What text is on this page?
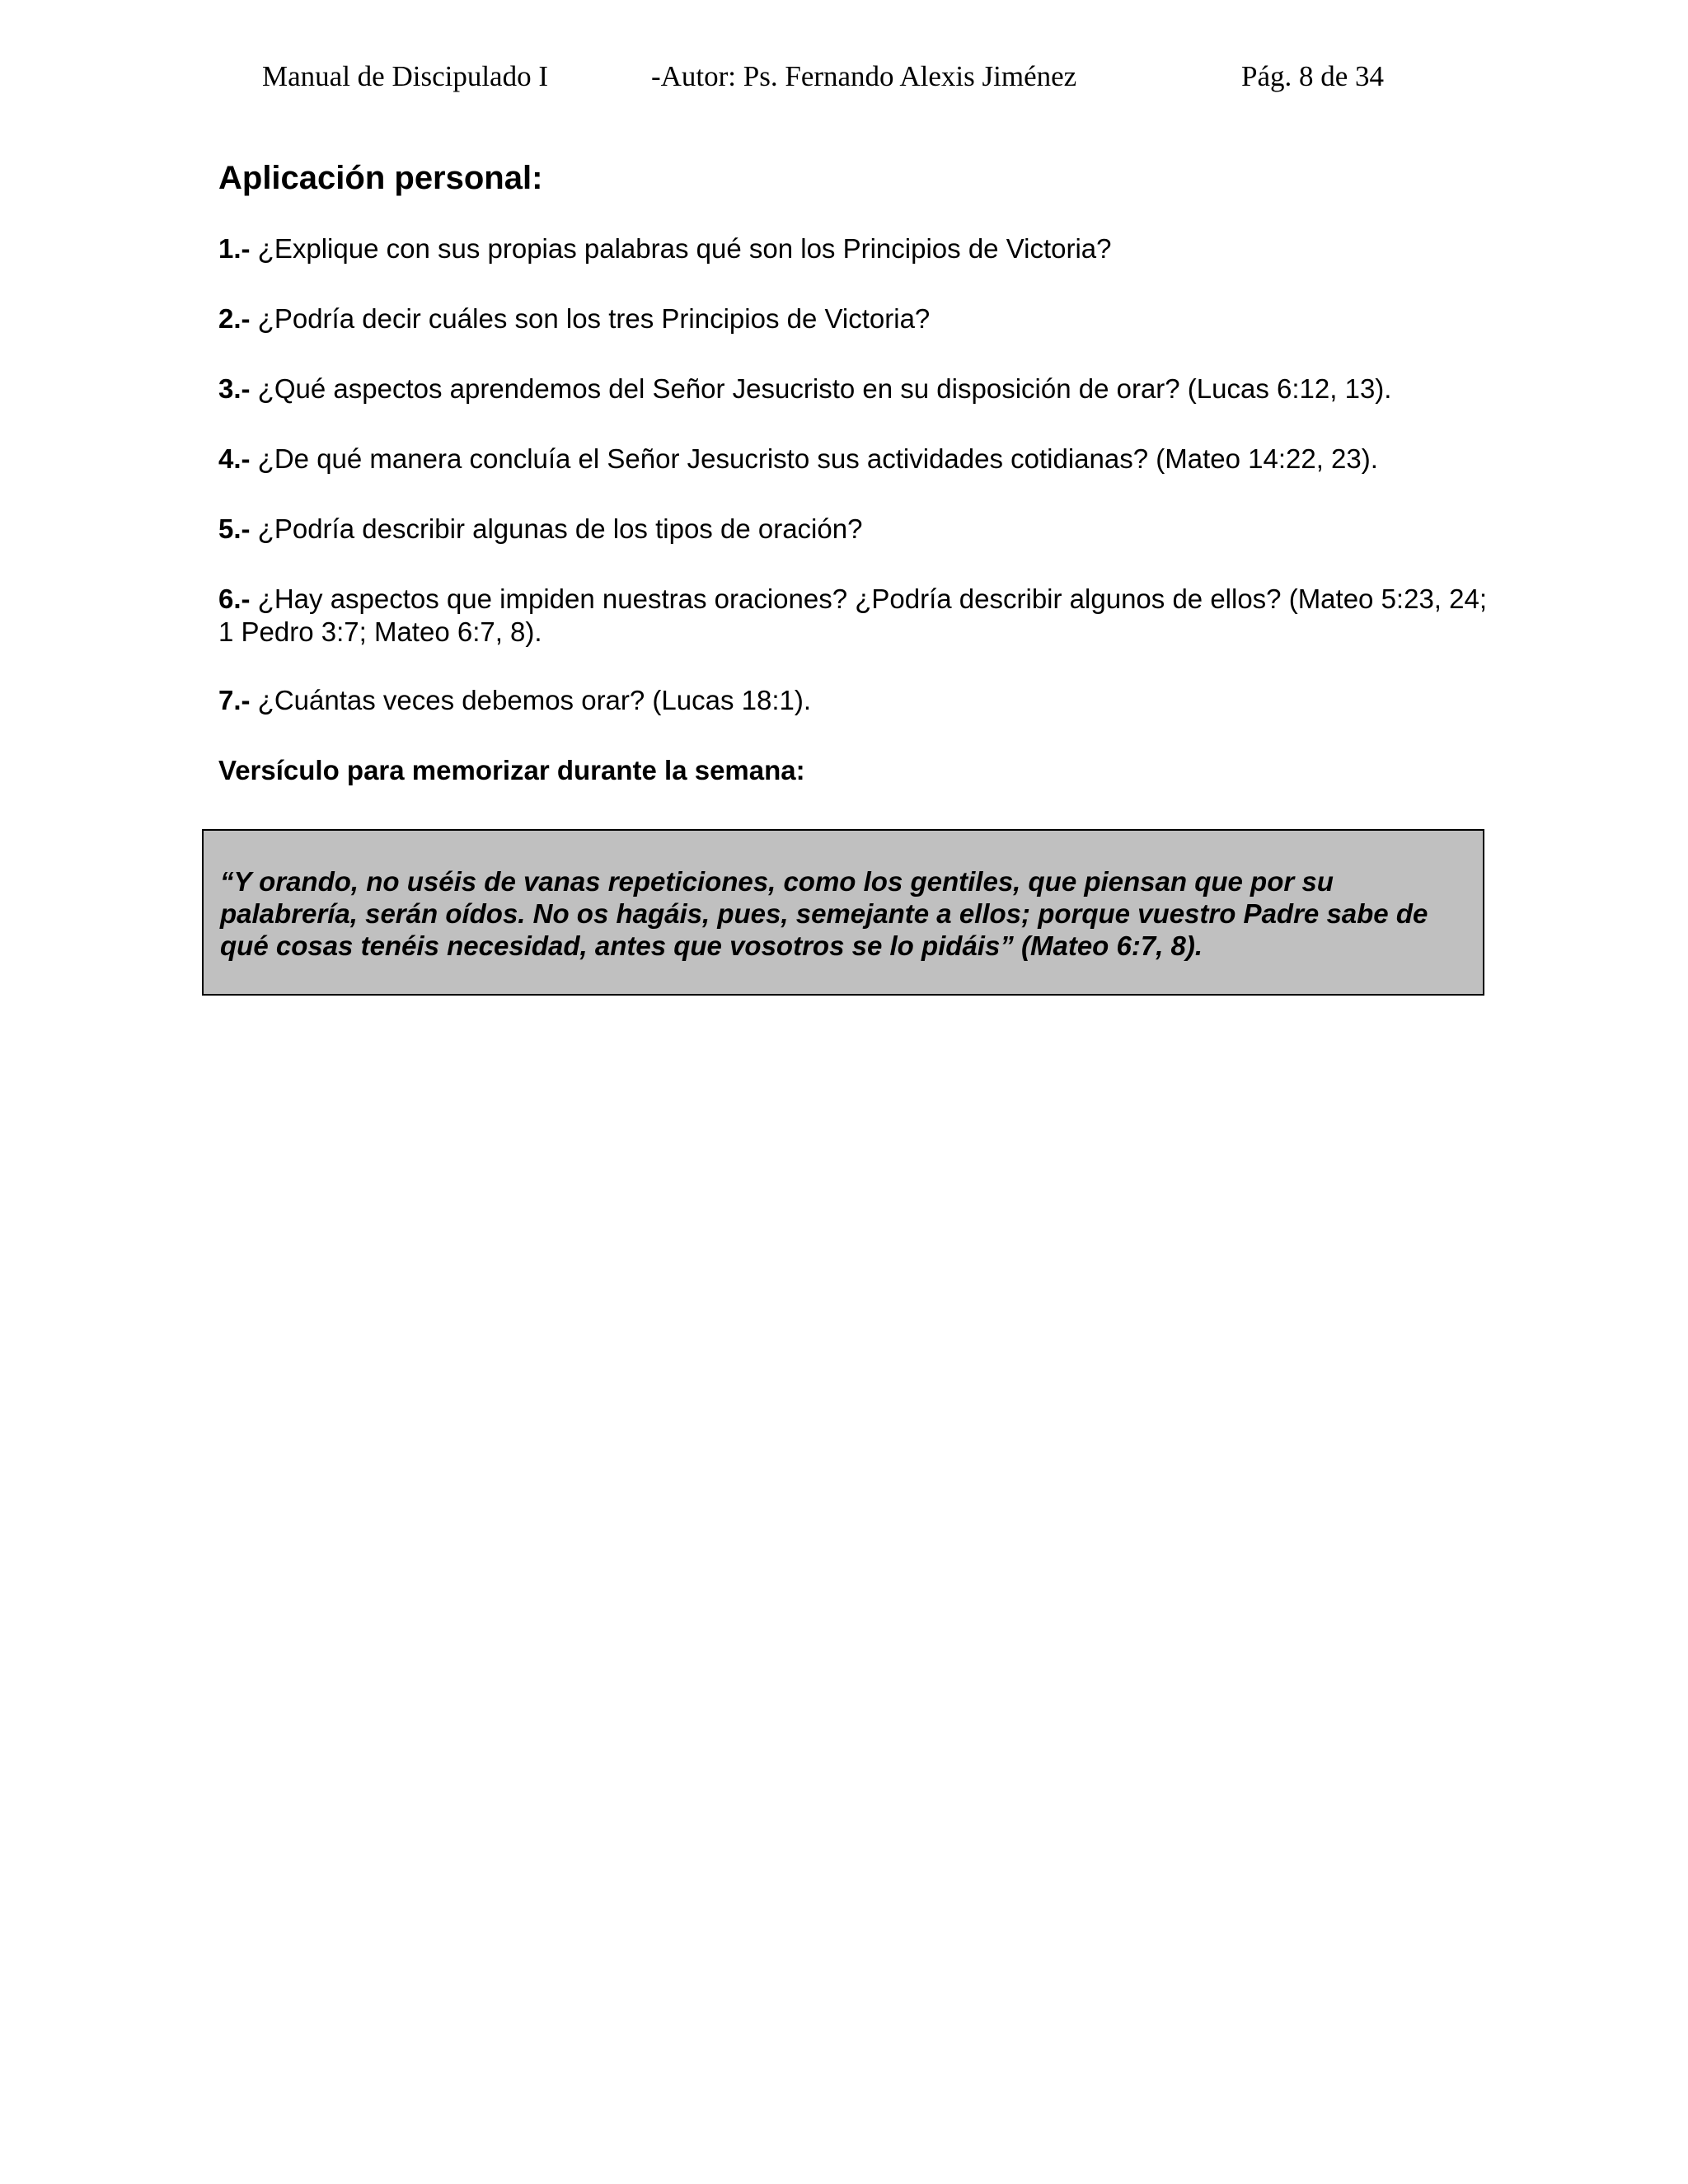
Manual de Discipulado I	-Autor: Ps. Fernando Alexis Jiménez	Pág. 8 de 34
Aplicación personal:
1.- ¿Explique con sus propias palabras qué son los Principios de Victoria?
2.- ¿Podría decir cuáles son los tres Principios de Victoria?
3.- ¿Qué aspectos aprendemos del Señor Jesucristo en su disposición de orar? (Lucas 6:12, 13).
4.- ¿De qué manera concluía el Señor Jesucristo sus actividades cotidianas? (Mateo 14:22, 23).
5.- ¿Podría describir algunas de los tipos de oración?
6.- ¿Hay aspectos que impiden nuestras oraciones? ¿Podría describir algunos de ellos? (Mateo 5:23, 24; 1 Pedro 3:7; Mateo 6:7, 8).
7.- ¿Cuántas veces debemos orar? (Lucas 18:1).
Versículo para memorizar durante la semana:
“Y orando, no uséis de vanas repeticiones, como los gentiles, que piensan que por su palabrería, serán oídos. No os hagáis, pues, semejante a ellos; porque vuestro Padre sabe de qué cosas tenéis necesidad, antes que vosotros se lo pidáis” (Mateo 6:7, 8).
